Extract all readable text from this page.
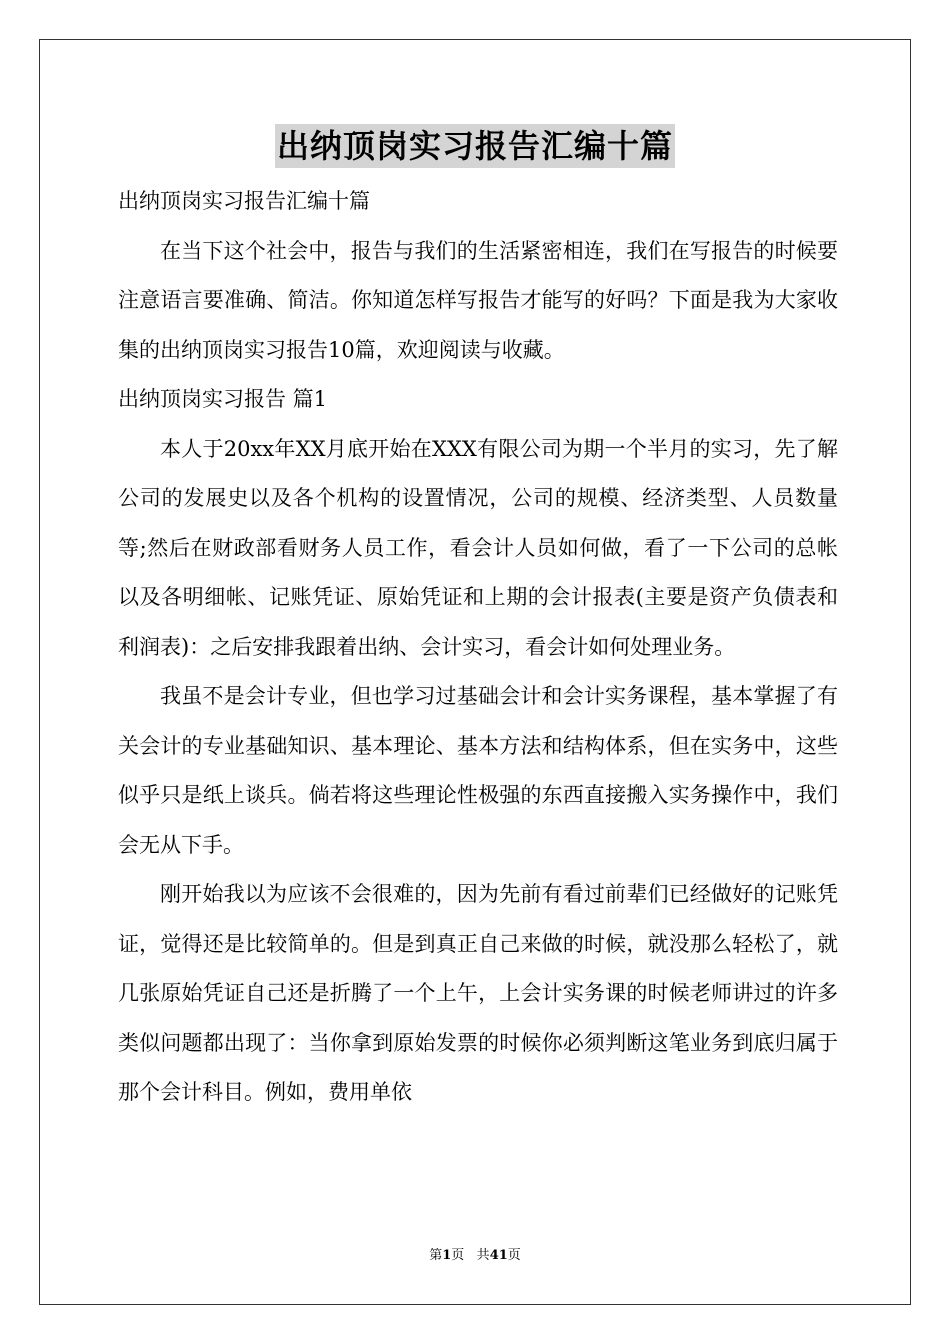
出纳顶岗实习报告汇编十篇

出纳顶岗实习报告汇编十篇

在当下这个社会中，报告与我们的生活紧密相连，我们在写报告的时候要注意语言要准确、简洁。你知道怎样写报告才能写的好吗？下面是我为大家收集的出纳顶岗实习报告10篇，欢迎阅读与收藏。

出纳顶岗实习报告 篇1

本人于20xx年XX月底开始在XXX有限公司为期一个半月的实习，先了解公司的发展史以及各个机构的设置情况，公司的规模、经济类型、人员数量等;然后在财政部看财务人员工作，看会计人员如何做，看了一下公司的总帐以及各明细帐、记账凭证、原始凭证和上期的会计报表(主要是资产负债表和利润表)：之后安排我跟着出纳、会计实习，看会计如何处理业务。

我虽不是会计专业，但也学习过基础会计和会计实务课程，基本掌握了有关会计的专业基础知识、基本理论、基本方法和结构体系，但在实务中，这些似乎只是纸上谈兵。倘若将这些理论性极强的东西直接搬入实务操作中，我们会无从下手。

刚开始我以为应该不会很难的，因为先前有看过前辈们已经做好的记账凭证，觉得还是比较简单的。但是到真正自己来做的时候，就没那么轻松了，就几张原始凭证自己还是折腾了一个上午，上会计实务课的时候老师讲过的许多类似问题都出现了：当你拿到原始发票的时候你必须判断这笔业务到底归属于那个会计科目。例如，费用单依

第1页 共41页
